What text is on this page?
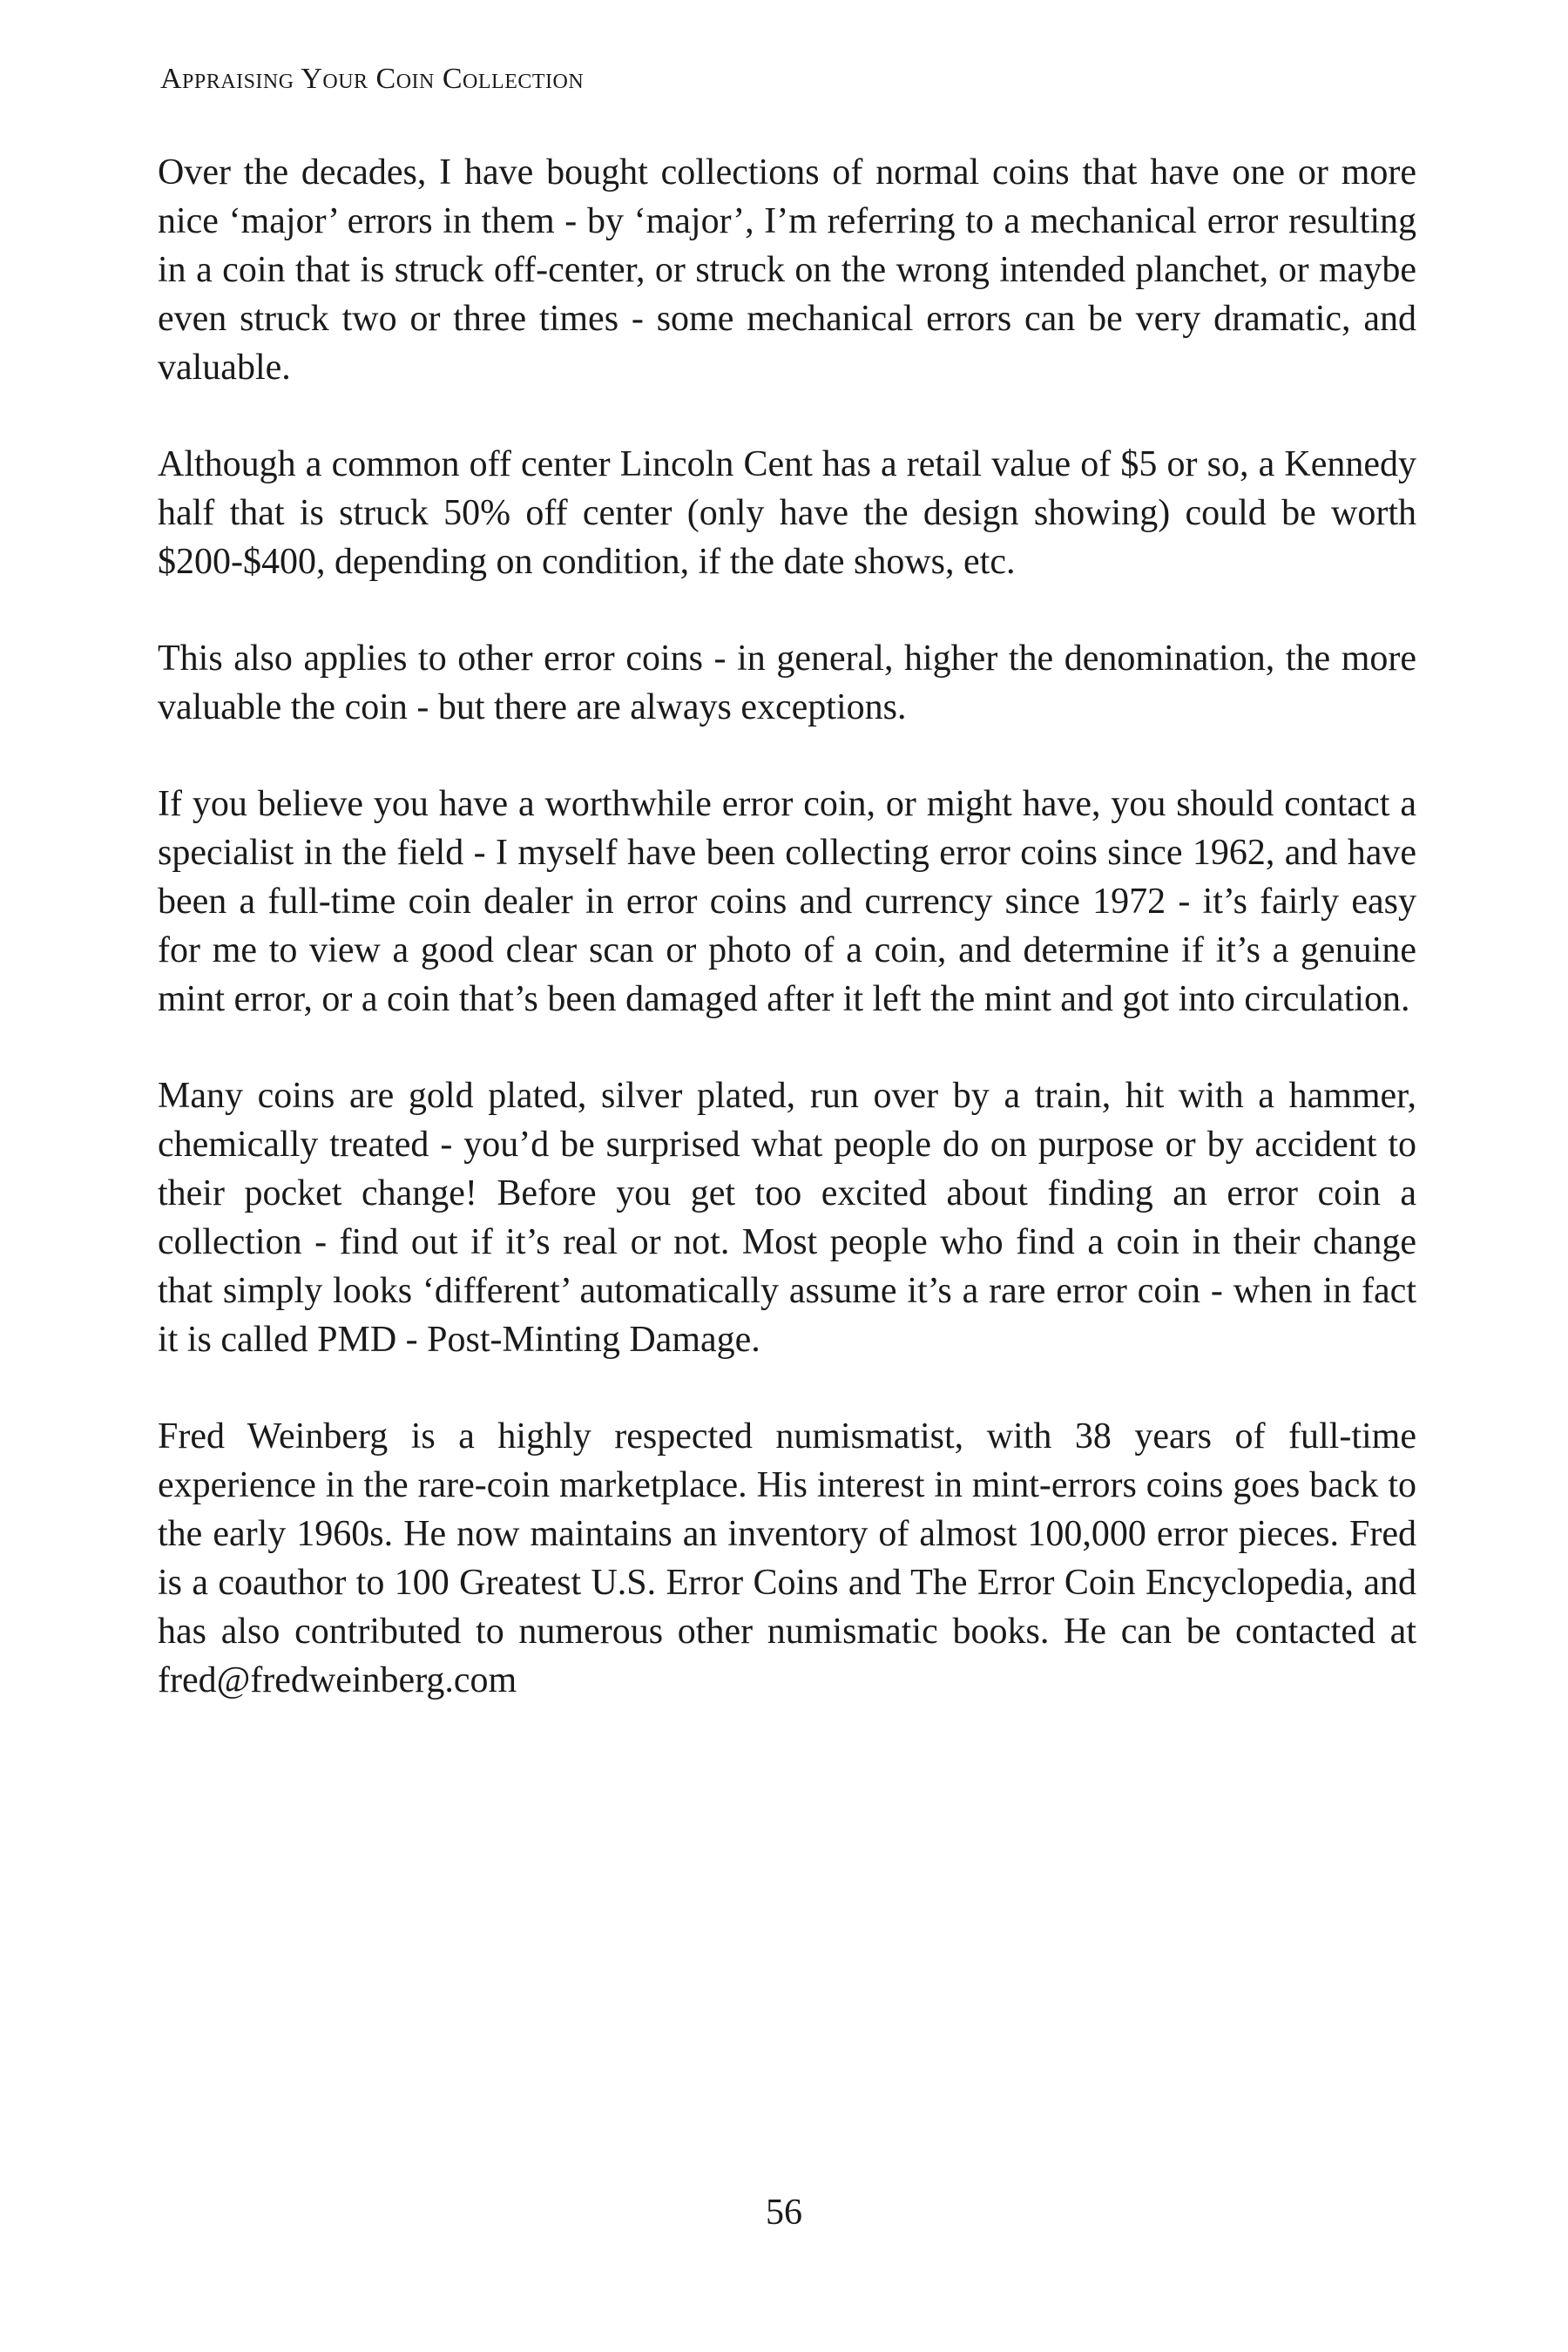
Appraising Your Coin Collection

Over the decades, I have bought collections of normal coins that have one or more nice ‘major’ errors in them - by ‘major’, I’m referring to a mechanical error resulting in a coin that is struck off-center, or struck on the wrong intended planchet, or maybe even struck two or three times - some mechanical errors can be very dramatic, and valuable.

Although a common off center Lincoln Cent has a retail value of $5 or so, a Kennedy half that is struck 50% off center (only have the design showing) could be worth $200-$400, depending on condition, if the date shows, etc.

This also applies to other error coins - in general, higher the denomination, the more valuable the coin - but there are always exceptions.

If you believe you have a worthwhile error coin, or might have, you should contact a specialist in the field - I myself have been collecting error coins since 1962, and have been a full-time coin dealer in error coins and currency since 1972 - it’s fairly easy for me to view a good clear scan or photo of a coin, and determine if it’s a genuine mint error, or a coin that’s been damaged after it left the mint and got into circulation.

Many coins are gold plated, silver plated, run over by a train, hit with a hammer, chemically treated - you’d be surprised what people do on purpose or by accident to their pocket change! Before you get too excited about finding an error coin a collection - find out if it’s real or not. Most people who find a coin in their change that simply looks ‘different’ automatically assume it’s a rare error coin - when in fact it is called PMD - Post-Minting Damage.

Fred Weinberg is a highly respected numismatist, with 38 years of full-time experience in the rare-coin marketplace. His interest in mint-errors coins goes back to the early 1960s. He now maintains an inventory of almost 100,000 error pieces. Fred is a coauthor to 100 Greatest U.S. Error Coins and The Error Coin Encyclopedia, and has also contributed to numerous other numismatic books. He can be contacted at fred@fredweinberg.com

56
